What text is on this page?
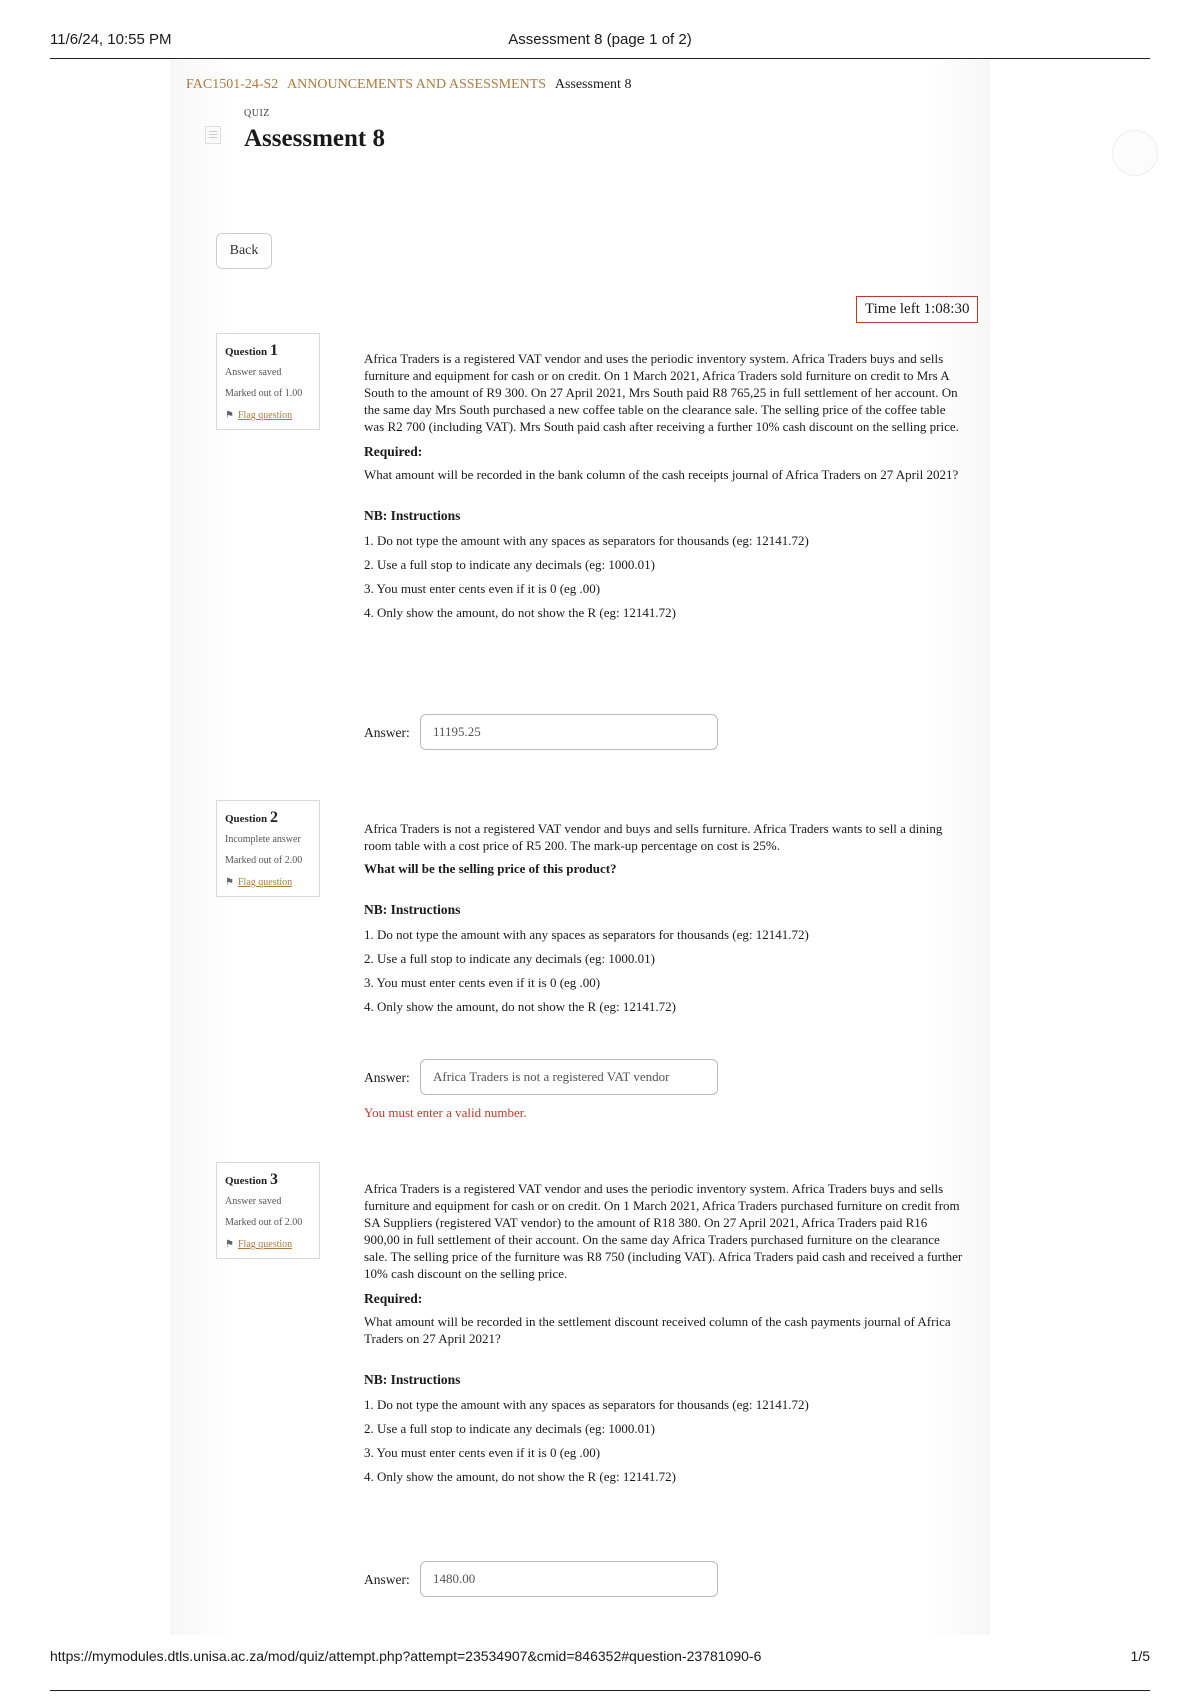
11/6/24, 10:55 PM	Assessment 8 (page 1 of 2)
FAC1501-24-S2 ANNOUNCEMENTS AND ASSESSMENTS Assessment 8
QUIZ
Assessment 8
Back
Time left 1:08:30
Question 1
Answer saved
Marked out of 1.00
⚑ Flag question

Africa Traders is a registered VAT vendor and uses the periodic inventory system. Africa Traders buys and sells furniture and equipment for cash or on credit. On 1 March 2021, Africa Traders sold furniture on credit to Mrs A South to the amount of R9 300. On 27 April 2021, Mrs South paid R8 765,25 in full settlement of her account. On the same day Mrs South purchased a new coffee table on the clearance sale. The selling price of the coffee table was R2 700 (including VAT). Mrs South paid cash after receiving a further 10% cash discount on the selling price.

Required:

What amount will be recorded in the bank column of the cash receipts journal of Africa Traders on 27 April 2021?

NB: Instructions

1. Do not type the amount with any spaces as separators for thousands (eg: 12141.72)
2. Use a full stop to indicate any decimals (eg: 1000.01)
3. You must enter cents even if it is 0 (eg .00)
4. Only show the amount, do not show the R (eg: 12141.72)
Answer:
11195.25
Question 2
Incomplete answer
Marked out of 2.00
⚑ Flag question

Africa Traders is not a registered VAT vendor and buys and sells furniture. Africa Traders wants to sell a dining room table with a cost price of R5 200. The mark-up percentage on cost is 25%.

What will be the selling price of this product?

NB: Instructions

1. Do not type the amount with any spaces as separators for thousands (eg: 12141.72)
2. Use a full stop to indicate any decimals (eg: 1000.01)
3. You must enter cents even if it is 0 (eg .00)
4. Only show the amount, do not show the R (eg: 12141.72)
Answer:
Africa Traders is not a registered VAT vendor
You must enter a valid number.
Question 3
Answer saved
Marked out of 2.00
⚑ Flag question

Africa Traders is a registered VAT vendor and uses the periodic inventory system. Africa Traders buys and sells furniture and equipment for cash or on credit. On 1 March 2021, Africa Traders purchased furniture on credit from SA Suppliers (registered VAT vendor) to the amount of R18 380. On 27 April 2021, Africa Traders paid R16 900,00 in full settlement of their account. On the same day Africa Traders purchased furniture on the clearance sale. The selling price of the furniture was R8 750 (including VAT). Africa Traders paid cash and received a further 10% cash discount on the selling price.

Required:

What amount will be recorded in the settlement discount received column of the cash payments journal of Africa Traders on 27 April 2021?

NB: Instructions

1. Do not type the amount with any spaces as separators for thousands (eg: 12141.72)
2. Use a full stop to indicate any decimals (eg: 1000.01)
3. You must enter cents even if it is 0 (eg .00)
4. Only show the amount, do not show the R (eg: 12141.72)
Answer:
1480.00
https://mymodules.dtls.unisa.ac.za/mod/quiz/attempt.php?attempt=23534907&cmid=846352#question-23781090-6	1/5
